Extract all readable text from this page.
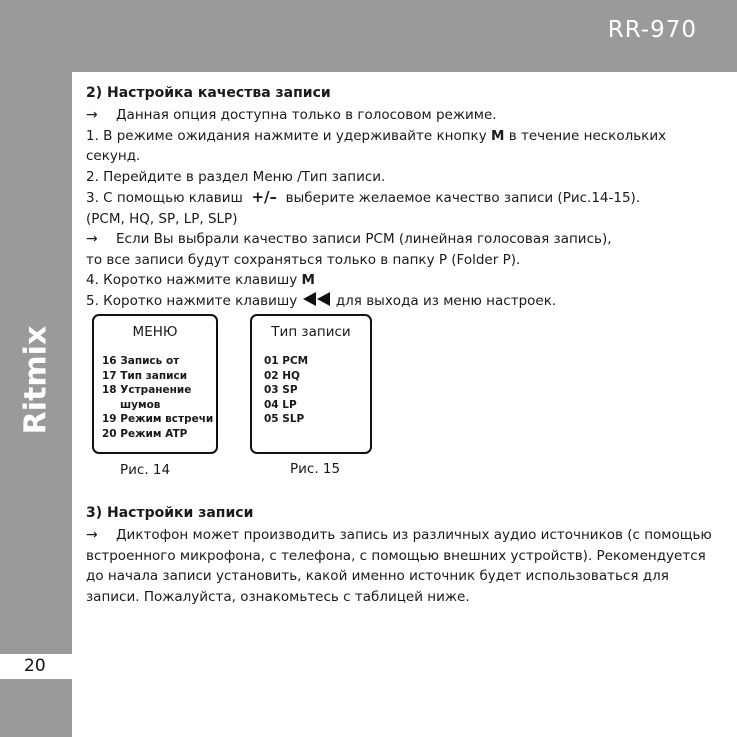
RR-970
Ritmix
20

2) Настройка качества записи

→ Данная опция доступна только в голосовом режиме.

1. В режиме ожидания нажмите и удерживайте кнопку M в течение нескольких

секунд.

2. Перейдите в раздел Меню /Тип записи.

3. С помощью клавиш +/– выберите желаемое качество записи (Рис.14-15).

(PCM, HQ, SP, LP, SLP)

→ Если Вы выбрали качество записи PCM (линейная голосовая запись),

то все записи будут сохраняться только в папку P (Folder P).

4. Коротко нажмите клавишу M

5. Коротко нажмите клавишу	для выхода из меню настроек.

МЕНЮ
16 Запись от
17 Тип записи
18 Устранение
шумов
19 Режим встречи
20 Режим ATP
Рис. 14
Тип записи
01 PCM
02 HQ
03 SP
04 LP
05 SLP
Рис. 15

3) Настройки записи

→ Диктофон может производить запись из различных аудио источников (с помощью

встроенного микрофона, с телефона, с помощью внешних устройств). Рекомендуется

до начала записи установить, какой именно источник будет использоваться для

записи. Пожалуйста, ознакомьтесь с таблицей ниже.
